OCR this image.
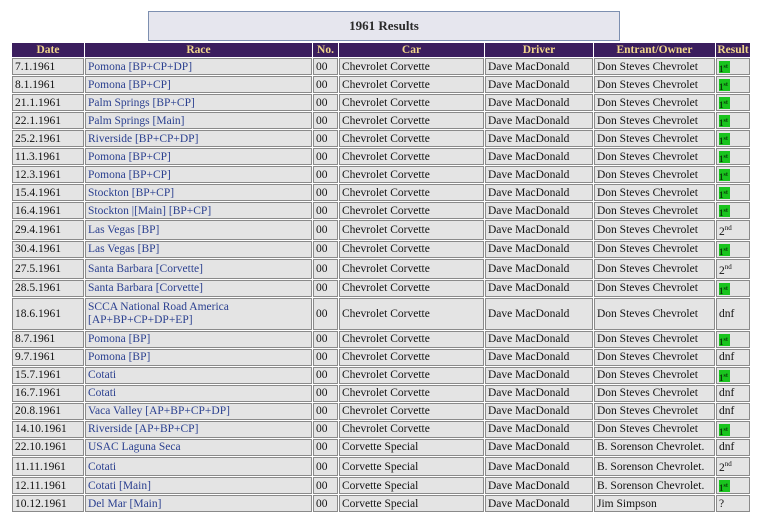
1961 Results
Date	Race	No.	Car	Driver	Entrant/Owner	Result
7.1.1961	Pomona [BP+CP+DP]	00	Chevrolet Corvette	Dave MacDonald	Don Steves Chevrolet	1st
8.1.1961	Pomona [BP+CP]	00	Chevrolet Corvette	Dave MacDonald	Don Steves Chevrolet	1st
21.1.1961	Palm Springs [BP+CP]	00	Chevrolet Corvette	Dave MacDonald	Don Steves Chevrolet	1st
22.1.1961	Palm Springs [Main]	00	Chevrolet Corvette	Dave MacDonald	Don Steves Chevrolet	1st
25.2.1961	Riverside [BP+CP+DP]	00	Chevrolet Corvette	Dave MacDonald	Don Steves Chevrolet	1st
11.3.1961	Pomona [BP+CP]	00	Chevrolet Corvette	Dave MacDonald	Don Steves Chevrolet	1st
12.3.1961	Pomona [BP+CP]	00	Chevrolet Corvette	Dave MacDonald	Don Steves Chevrolet	1st
15.4.1961	Stockton [BP+CP]	00	Chevrolet Corvette	Dave MacDonald	Don Steves Chevrolet	1st
16.4.1961	Stockton |[Main] [BP+CP]	00	Chevrolet Corvette	Dave MacDonald	Don Steves Chevrolet	1st
29.4.1961	Las Vegas [BP]	00	Chevrolet Corvette	Dave MacDonald	Don Steves Chevrolet	2nd
30.4.1961	Las Vegas [BP]	00	Chevrolet Corvette	Dave MacDonald	Don Steves Chevrolet	1st
27.5.1961	Santa Barbara [Corvette]	00	Chevrolet Corvette	Dave MacDonald	Don Steves Chevrolet	2nd
28.5.1961	Santa Barbara [Corvette]	00	Chevrolet Corvette	Dave MacDonald	Don Steves Chevrolet	1st
18.6.1961	SCCA National Road America [AP+BP+CP+DP+EP]	00	Chevrolet Corvette	Dave MacDonald	Don Steves Chevrolet	dnf
8.7.1961	Pomona [BP]	00	Chevrolet Corvette	Dave MacDonald	Don Steves Chevrolet	1st
9.7.1961	Pomona [BP]	00	Chevrolet Corvette	Dave MacDonald	Don Steves Chevrolet	dnf
15.7.1961	Cotati	00	Chevrolet Corvette	Dave MacDonald	Don Steves Chevrolet	1st
16.7.1961	Cotati	00	Chevrolet Corvette	Dave MacDonald	Don Steves Chevrolet	dnf
20.8.1961	Vaca Valley [AP+BP+CP+DP]	00	Chevrolet Corvette	Dave MacDonald	Don Steves Chevrolet	dnf
14.10.1961	Riverside [AP+BP+CP]	00	Chevrolet Corvette	Dave MacDonald	Don Steves Chevrolet	1st
22.10.1961	USAC Laguna Seca	00	Corvette Special	Dave MacDonald	B. Sorenson Chevrolet.	dnf
11.11.1961	Cotati	00	Corvette Special	Dave MacDonald	B. Sorenson Chevrolet.	2nd
12.11.1961	Cotati [Main]	00	Corvette Special	Dave MacDonald	B. Sorenson Chevrolet.	1st
10.12.1961	Del Mar [Main]	00	Corvette Special	Dave MacDonald	Jim Simpson	?
